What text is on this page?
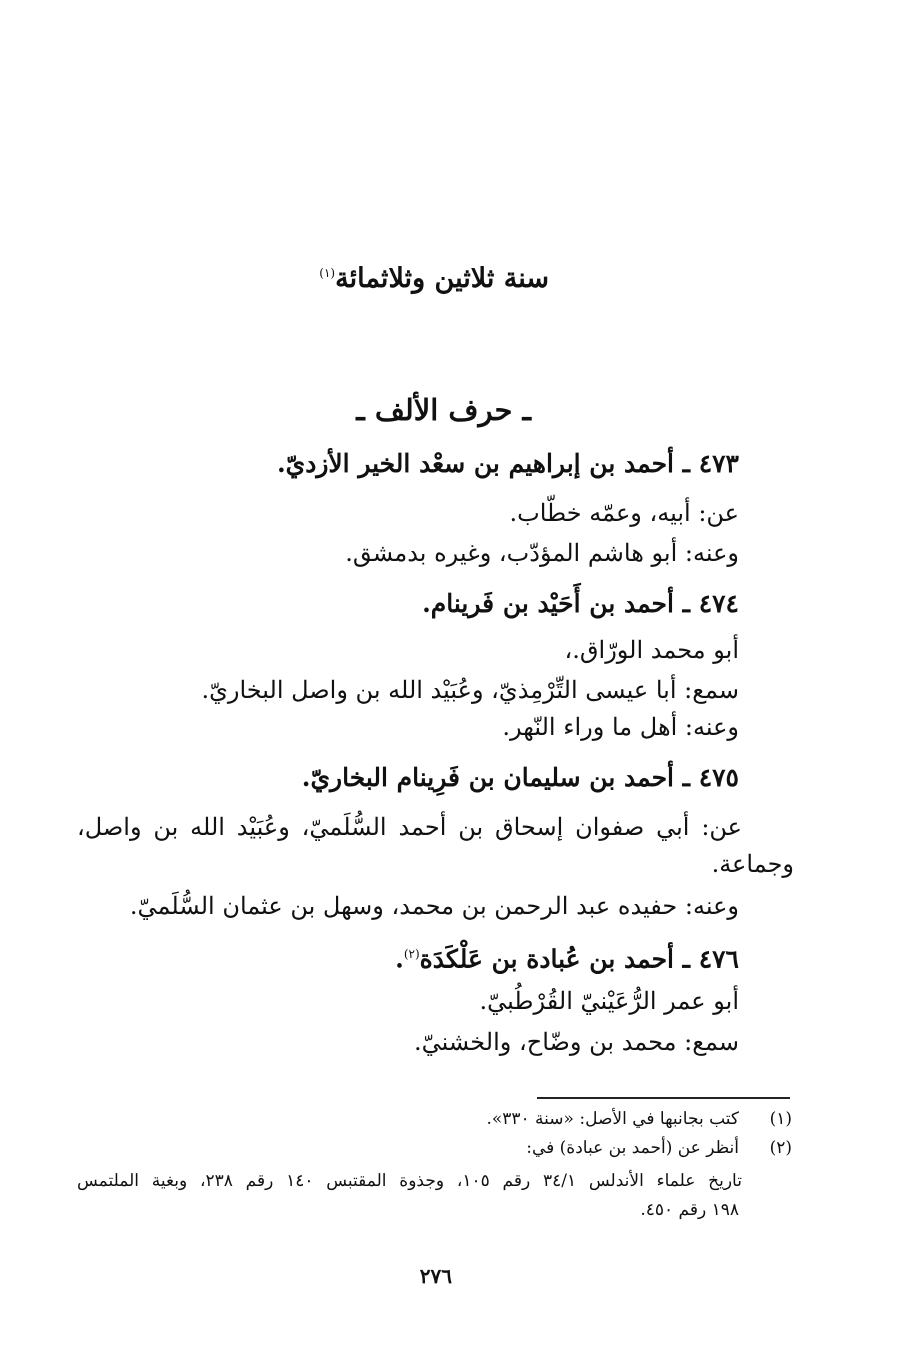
سنة ثلاثين وثلاثمائة$^{(١)}$
ـ حرف الألف ـ
٤٧٣ ـ أحمد بن إبراهيم بن سعْد الخير الأزديّ.
عن: أبيه، وعمّه خطّاب.
وعنه: أبو هاشم المؤدّب، وغيره بدمشق.
٤٧٤ ـ أحمد بن أَحَيْد بن فَرينام.
أبو محمد الورّاق.،
سمع: أبا عيسى التِّرْمِذيّ، وعُبَيْد الله بن واصل البخاريّ.
وعنه: أهل ما وراء النّهر.
٤٧٥ ـ أحمد بن سليمان بن فَرِينام البخاريّ.
عن: أبي صفوان إسحاق بن أحمد السُّلَميّ، وعُبَيْد الله بن واصل،
وجماعة.
وعنه: حفيده عبد الرحمن بن محمد، وسهل بن عثمان السُّلَميّ.
٤٧٦ ـ أحمد بن عُبادة بن عَلْكَدَة$^{(٢)}$.
أبو عمر الرُّعَيْنيّ القُرْطُبيّ.
سمع: محمد بن وضّاح، والخشنيّ.
(١)
كتب بجانبها في الأصل: «سنة ٣٣٠».
(٢)
أنظر عن (أحمد بن عبادة) في:
تاريخ علماء الأندلس ٣٤/١ رقم ١٠٥، وجذوة المقتبس ١٤٠ رقم ٢٣٨، وبغية الملتمس
١٩٨ رقم ٤٥٠.
٢٧٦
